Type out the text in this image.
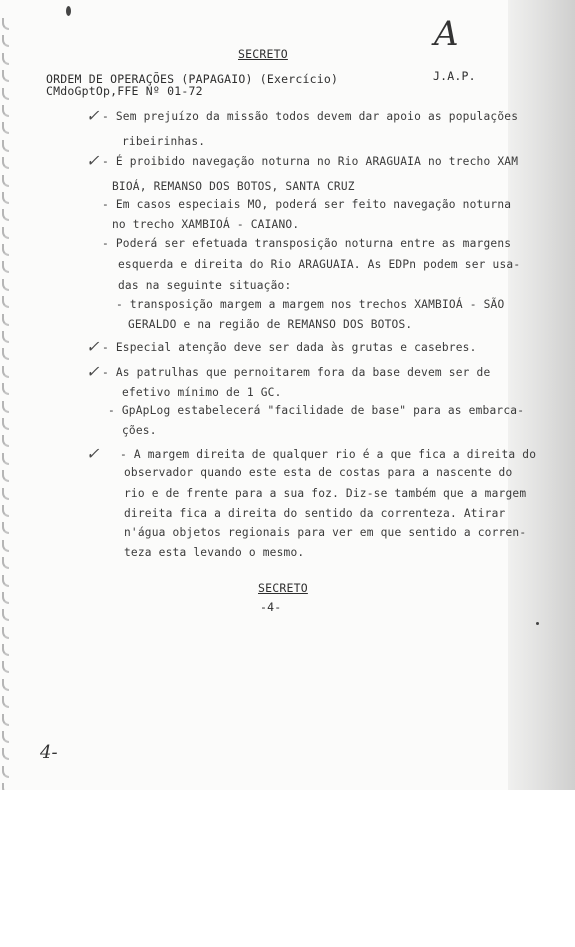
SECRETO
ORDEM DE OPERAÇÕES (PAPAGAIO) (Exercício)
CMdoGptOp,FFE Nº 01-72
J.A.P.
A
- Sem prejuízo da missão todos devem dar apoio as populações
✓
ribeirinhas.
- É proibido navegação noturna no Rio ARAGUAIA no trecho XAM
✓
BIOÁ, REMANSO DOS BOTOS, SANTA CRUZ
- Em casos especiais MO, poderá ser feito navegação noturna
no trecho XAMBIOÁ - CAIANO.
- Poderá ser efetuada transposição noturna entre as margens
esquerda e direita do Rio ARAGUAIA. As EDPn podem ser usa-
das na seguinte situação:
- transposição margem a margem nos trechos XAMBIOÁ - SÃO
GERALDO e na região de REMANSO DOS BOTOS.
- Especial atenção deve ser dada às grutas e casebres.
✓
- As patrulhas que pernoitarem fora da base devem ser de
✓
efetivo mínimo de 1 GC.
- GpApLog estabelecerá "facilidade de base" para as embarca-
ções.
- A margem direita de qualquer rio é a que fica a direita do
✓
observador quando este esta de costas para a nascente do
rio e de frente para a sua foz. Diz-se também que a margem
direita fica a direita do sentido da correnteza. Atirar
n'água objetos regionais para ver em que sentido a corren-
teza esta levando o mesmo.
SECRETO
-4-
4-
